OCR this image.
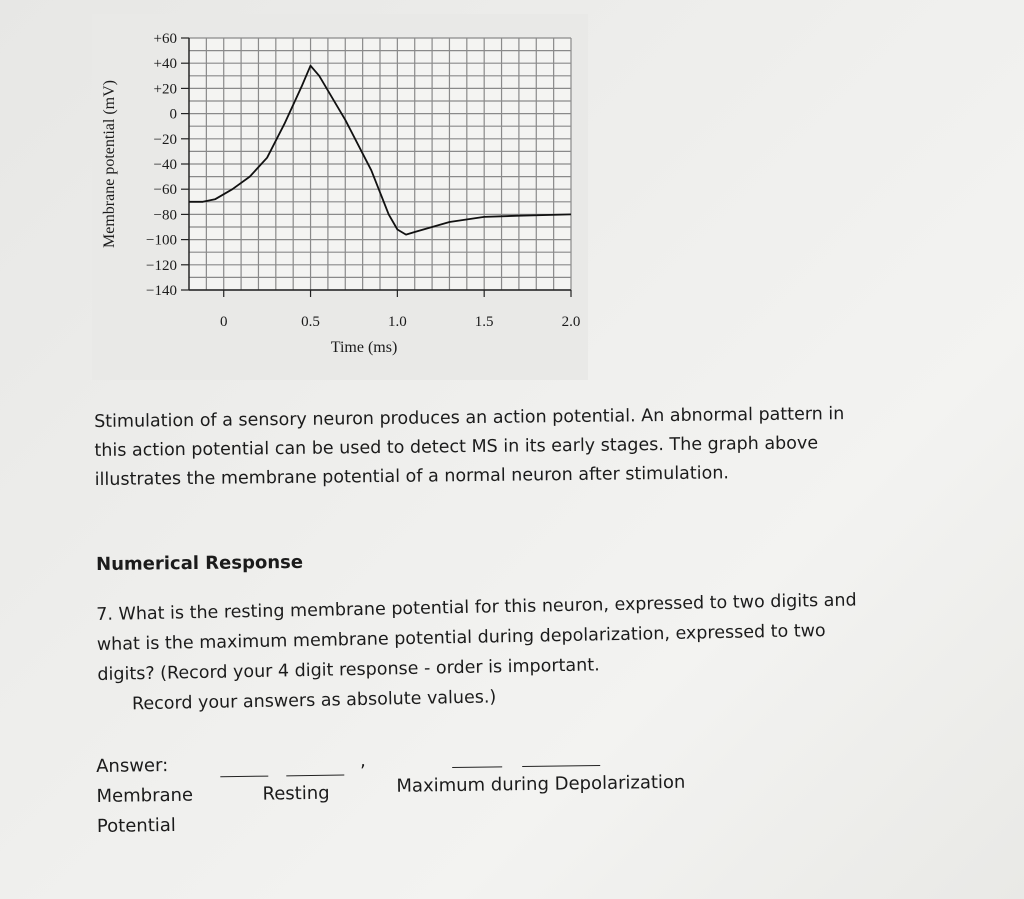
+60
+40
+20
0
−20
−40
−60
−80
−100
−120
−140
0	0.5	1.0	1.5	2.0
Time (ms)
Membrane potential (mV)
Stimulation of a sensory neuron produces an action potential. An abnormal pattern in
this action potential can be used to detect MS in its early stages. The graph above
illustrates the membrane potential of a normal neuron after stimulation.
Numerical Response
7. What is the resting membrane potential for this neuron, expressed to two digits and
what is the maximum membrane potential during depolarization, expressed to two
digits? (Record your 4 digit response - order is important.
Record your answers as absolute values.)
Answer:
Membrane
Potential
,
Resting	Maximum during Depolarization
